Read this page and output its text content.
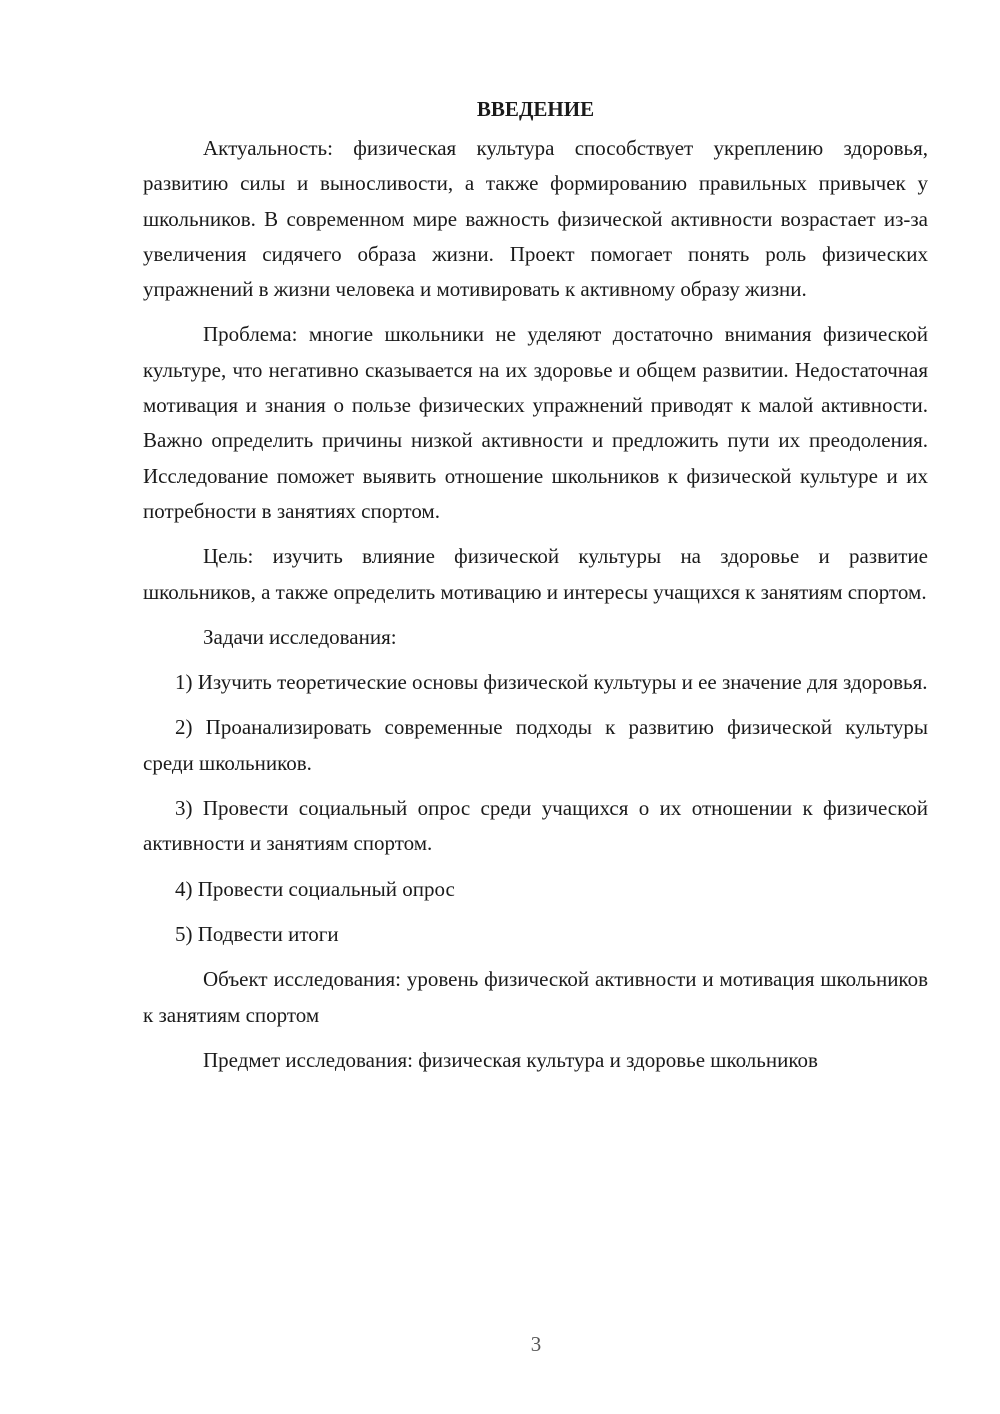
ВВЕДЕНИЕ

Актуальность: физическая культура способствует укреплению здоровья, развитию силы и выносливости, а также формированию правильных привычек у школьников. В современном мире важность физической активности возрастает из-за увеличения сидячего образа жизни. Проект помогает понять роль физических упражнений в жизни человека и мотивировать к активному образу жизни.

Проблема: многие школьники не уделяют достаточно внимания физической культуре, что негативно сказывается на их здоровье и общем развитии. Недостаточная мотивация и знания о пользе физических упражнений приводят к малой активности. Важно определить причины низкой активности и предложить пути их преодоления. Исследование поможет выявить отношение школьников к физической культуре и их потребности в занятиях спортом.

Цель: изучить влияние физической культуры на здоровье и развитие школьников, а также определить мотивацию и интересы учащихся к занятиям спортом.

Задачи исследования:

1) Изучить теоретические основы физической культуры и ее значение для здоровья.

2) Проанализировать современные подходы к развитию физической культуры среди школьников.

3) Провести социальный опрос среди учащихся о их отношении к физической активности и занятиям спортом.

4) Провести социальный опрос

5) Подвести итоги

Объект исследования: уровень физической активности и мотивация школьников к занятиям спортом

Предмет исследования: физическая культура и здоровье школьников

3
